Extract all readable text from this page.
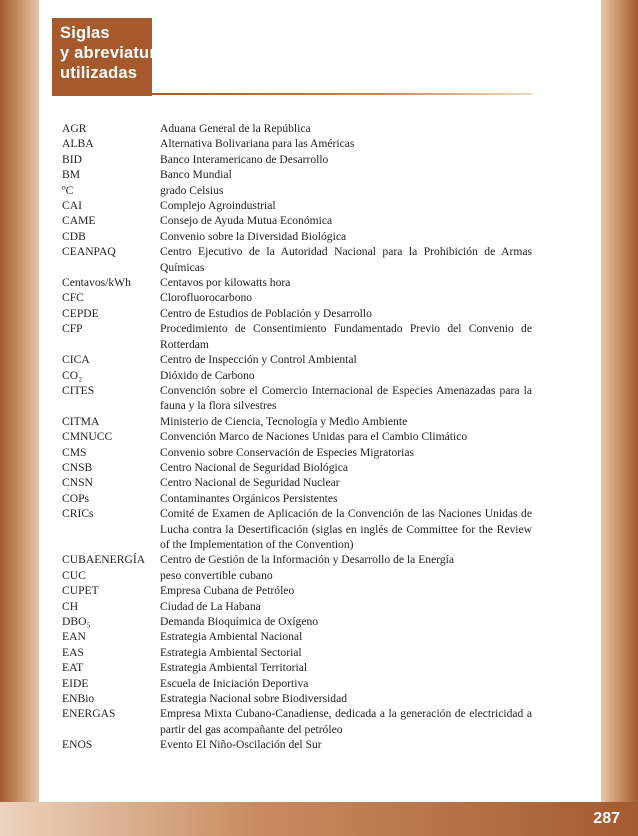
Siglas
y abreviaturas
utilizadas
AGR	Aduana General de la República
ALBA	Alternativa Bolivariana para las Américas
BID	Banco Interamericano de Desarrollo
BM	Banco Mundial
ºC	grado Celsius
CAI	Complejo Agroindustrial
CAME	Consejo de Ayuda Mutua Económica
CDB	Convenio sobre la Diversidad Biológica
CEANPAQ	Centro Ejecutivo de la Autoridad Nacional para la Prohibición de Armas Químicas
Centavos/kWh	Centavos por kilowatts hora
CFC	Clorofluorocarbono
CEPDE	Centro de Estudios de Población y Desarrollo
CFP	Procedimiento de Consentimiento Fundamentado Previo del Convenio de Rotterdam
CICA	Centro de Inspección y Control Ambiental
CO₂	Dióxido de Carbono
CITES	Convención sobre el Comercio Internacional de Especies Amenazadas para la fauna y la flora silvestres
CITMA	Ministerio de Ciencia, Tecnología y Medio Ambiente
CMNUCC	Convención Marco de Naciones Unidas para el Cambio Climático
CMS	Convenio sobre Conservación de Especies Migratorias
CNSB	Centro Nacional de Seguridad Biológica
CNSN	Centro Nacional de Seguridad Nuclear
COPs	Contaminantes Orgánicos Persistentes
CRICs	Comité de Examen de Aplicación de la Convención de las Naciones Unidas de Lucha contra la Desertificación (siglas en inglés de Committee for the Review of the Implementation of the Convention)
CUBAENERGÍA	Centro de Gestión de la Información y Desarrollo de la Energía
CUC	peso convertible cubano
CUPET	Empresa Cubana de Petróleo
CH	Ciudad de La Habana
DBO₅	Demanda Bioquímica de Oxígeno
EAN	Estrategia Ambiental Nacional
EAS	Estrategia Ambiental Sectorial
EAT	Estrategia Ambiental Territorial
EIDE	Escuela de Iniciación Deportiva
ENBio	Estrategia Nacional sobre Biodiversidad
ENERGAS	Empresa Mixta Cubano-Canadiense, dedicada a la generación de electricidad a partir del gas acompañante del petróleo
ENOS	Evento El Niño-Oscilación del Sur
287
